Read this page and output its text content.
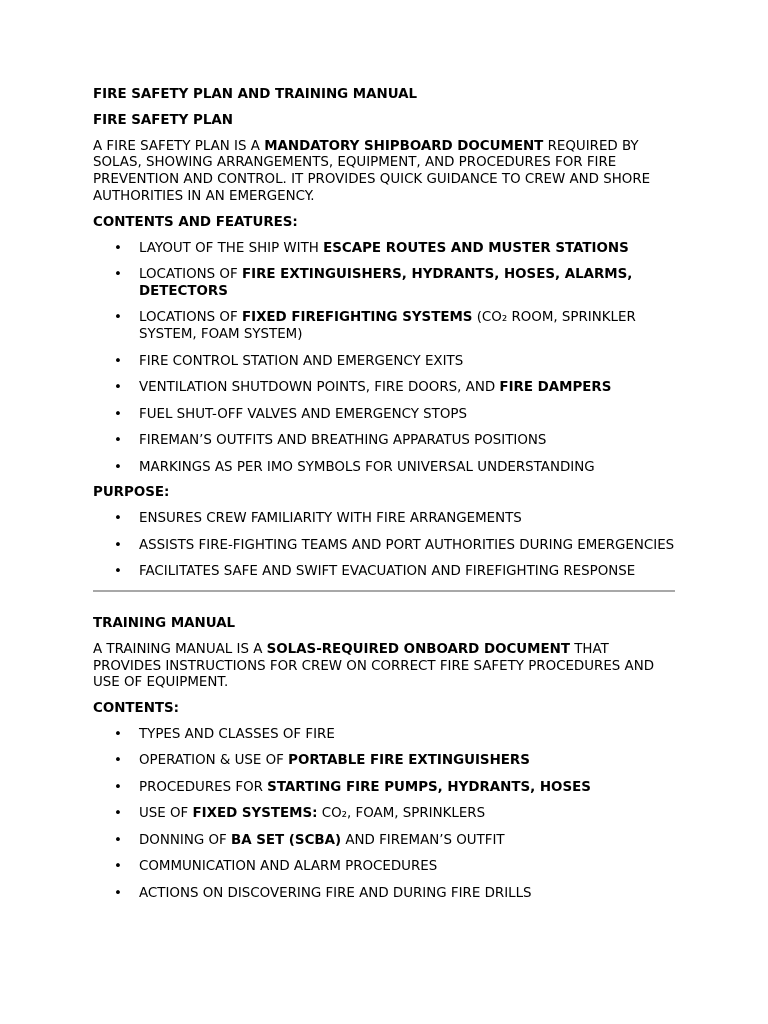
FIRE SAFETY PLAN AND TRAINING MANUAL
FIRE SAFETY PLAN
A FIRE SAFETY PLAN IS A MANDATORY SHIPBOARD DOCUMENT REQUIRED BY SOLAS, SHOWING ARRANGEMENTS, EQUIPMENT, AND PROCEDURES FOR FIRE PREVENTION AND CONTROL. IT PROVIDES QUICK GUIDANCE TO CREW AND SHORE AUTHORITIES IN AN EMERGENCY.
CONTENTS AND FEATURES:
• LAYOUT OF THE SHIP WITH ESCAPE ROUTES AND MUSTER STATIONS
• LOCATIONS OF FIRE EXTINGUISHERS, HYDRANTS, HOSES, ALARMS, DETECTORS
• LOCATIONS OF FIXED FIREFIGHTING SYSTEMS (CO₂ ROOM, SPRINKLER SYSTEM, FOAM SYSTEM)
• FIRE CONTROL STATION AND EMERGENCY EXITS
• VENTILATION SHUTDOWN POINTS, FIRE DOORS, AND FIRE DAMPERS
• FUEL SHUT-OFF VALVES AND EMERGENCY STOPS
• FIREMAN’S OUTFITS AND BREATHING APPARATUS POSITIONS
• MARKINGS AS PER IMO SYMBOLS FOR UNIVERSAL UNDERSTANDING
PURPOSE:
• ENSURES CREW FAMILIARITY WITH FIRE ARRANGEMENTS
• ASSISTS FIRE-FIGHTING TEAMS AND PORT AUTHORITIES DURING EMERGENCIES
• FACILITATES SAFE AND SWIFT EVACUATION AND FIREFIGHTING RESPONSE
TRAINING MANUAL
A TRAINING MANUAL IS A SOLAS-REQUIRED ONBOARD DOCUMENT THAT PROVIDES INSTRUCTIONS FOR CREW ON CORRECT FIRE SAFETY PROCEDURES AND USE OF EQUIPMENT.
CONTENTS:
• TYPES AND CLASSES OF FIRE
• OPERATION & USE OF PORTABLE FIRE EXTINGUISHERS
• PROCEDURES FOR STARTING FIRE PUMPS, HYDRANTS, HOSES
• USE OF FIXED SYSTEMS: CO₂, FOAM, SPRINKLERS
• DONNING OF BA SET (SCBA) AND FIREMAN’S OUTFIT
• COMMUNICATION AND ALARM PROCEDURES
• ACTIONS ON DISCOVERING FIRE AND DURING FIRE DRILLS
